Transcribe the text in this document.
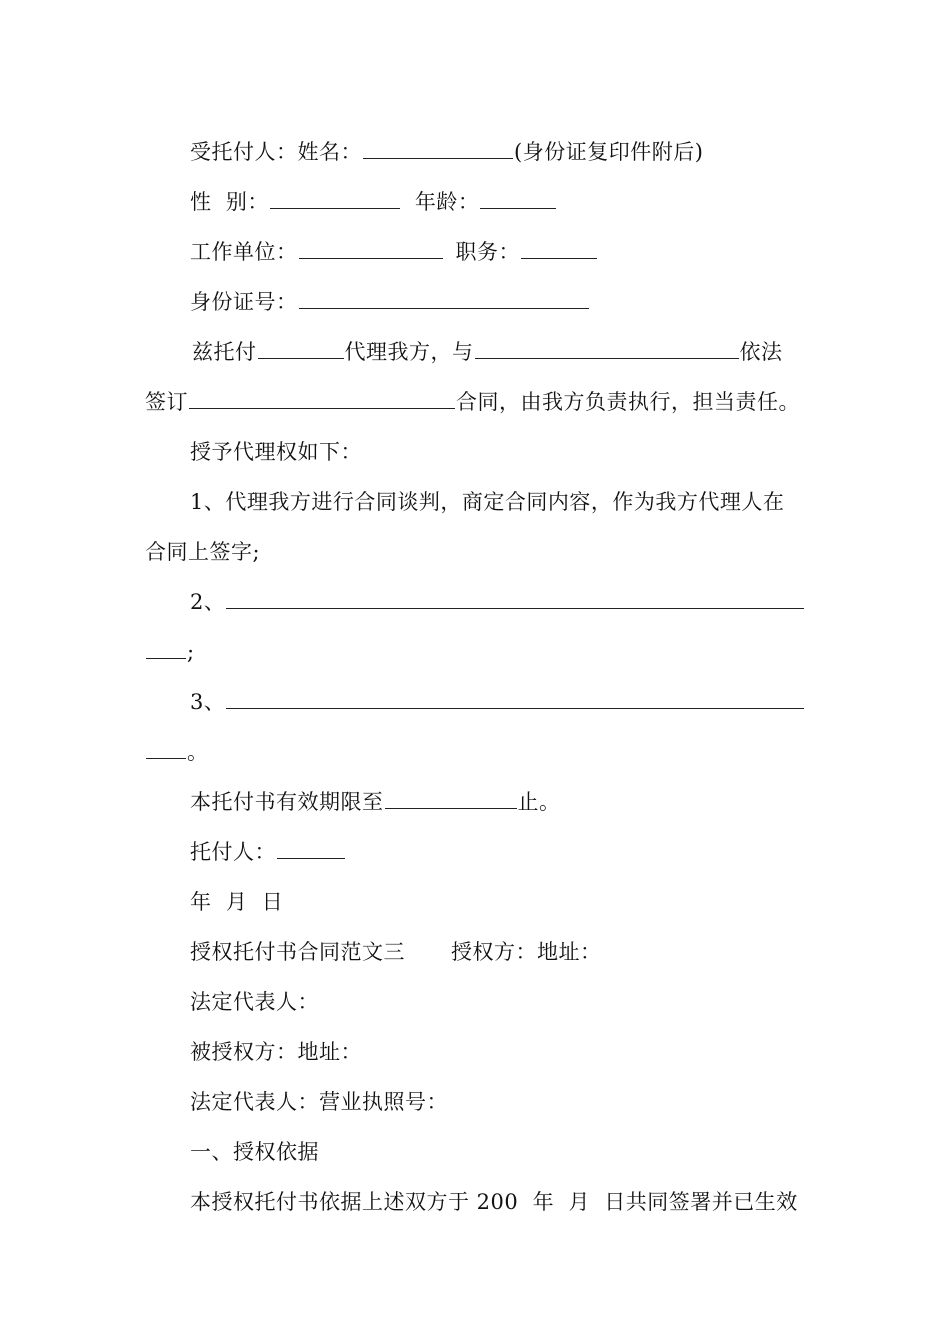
受托付人：姓名：	(身份证复印件附后)
性  别：	年龄：
工作单位：	职务：
身份证号：
兹托付	代理我方，与	依法
签订	合同，由我方负责执行，担当责任。
授予代理权如下：
1、代理我方进行合同谈判，商定合同内容，作为我方代理人在
合同上签字;
2、
;
3、
。
本托付书有效期限至	止。
托付人：
年  月  日
授权托付书合同范文三 授权方：地址：
法定代表人：
被授权方：地址：
法定代表人：营业执照号：
一、授权依据
本授权托付书依据上述双方于 200  年  月  日共同签署并已生效
